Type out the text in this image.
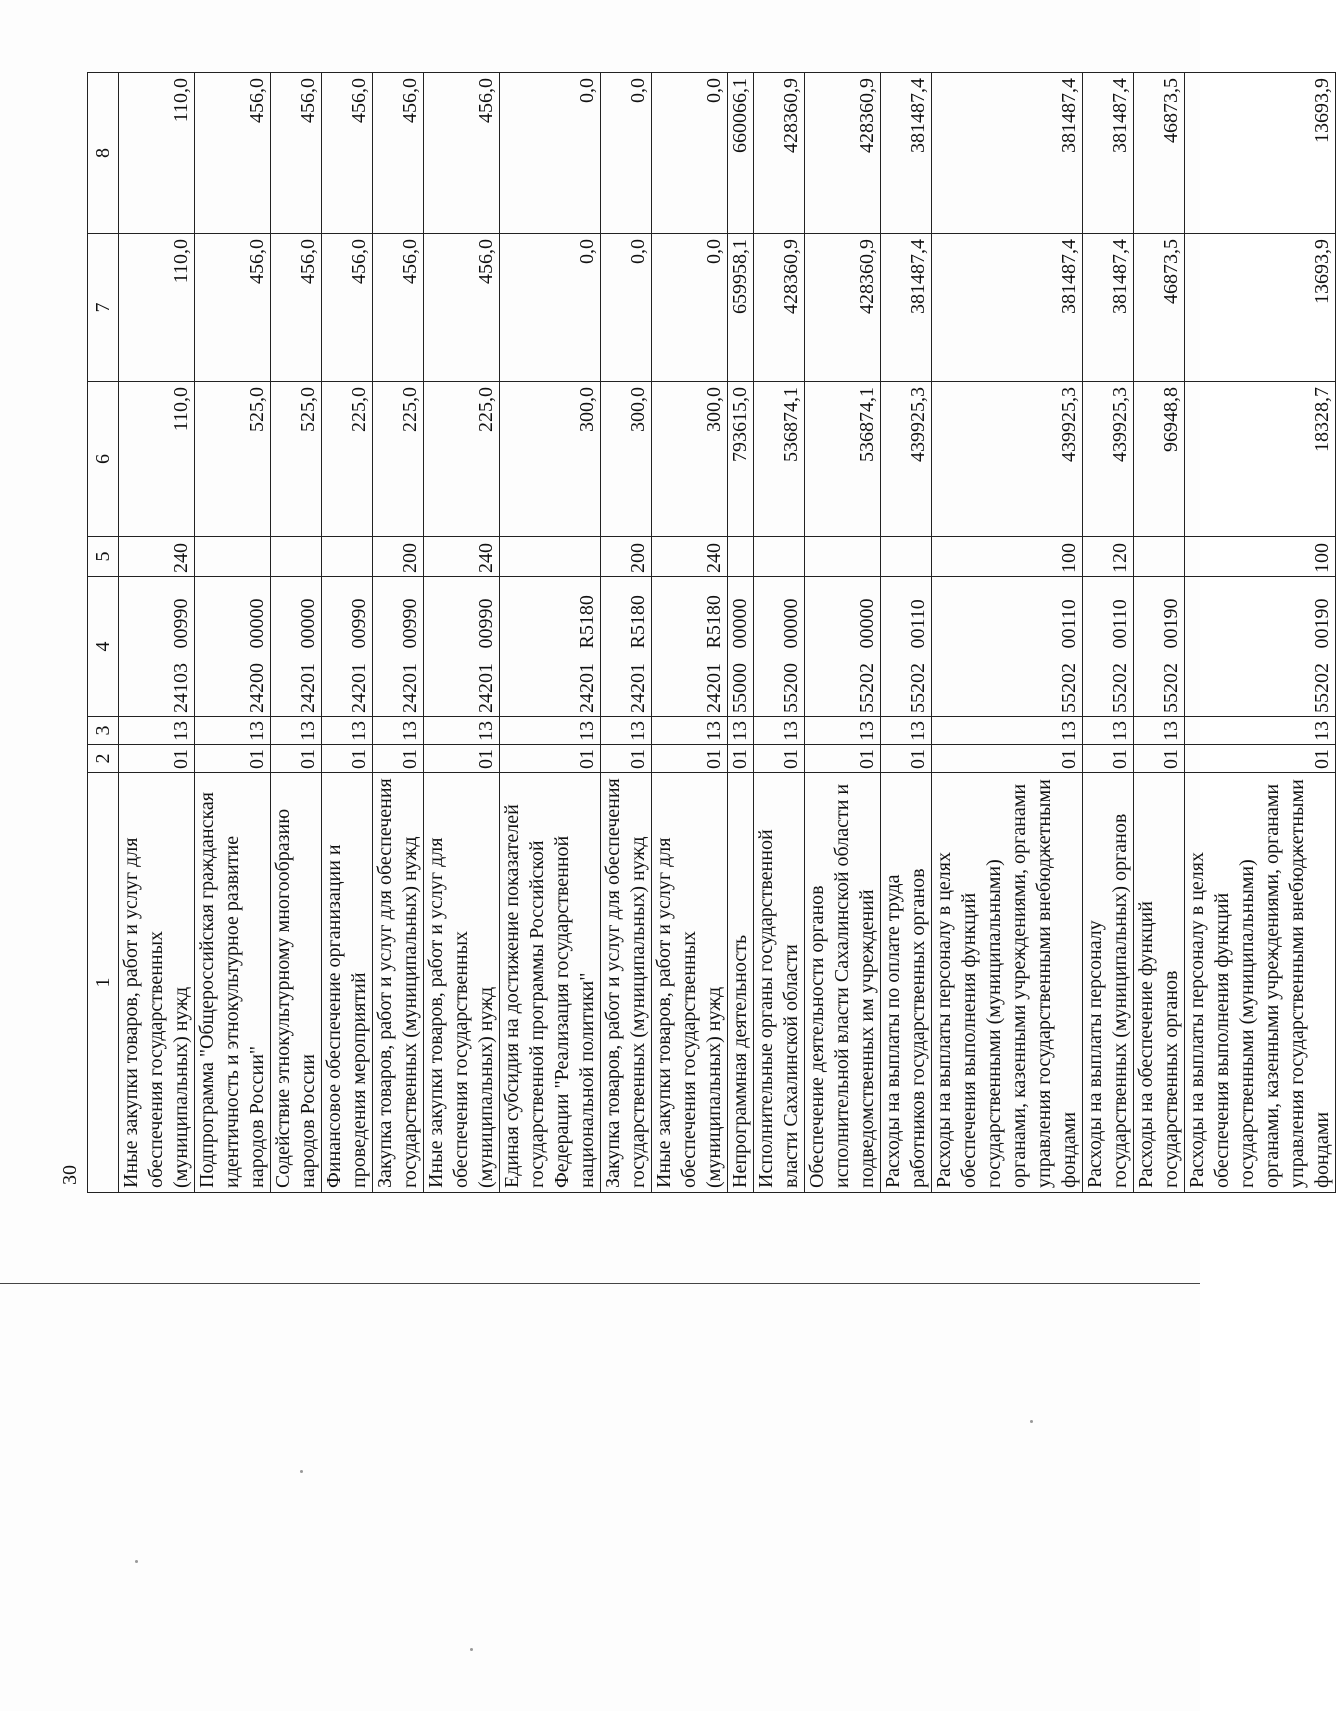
30
1	2	3	4		5	6	7	8
Иные закупки товаров, работ и услуг для обеспечения государственных (муниципальных) нужд	01	13	24103	00990	240	110,0	110,0	110,0
Подпрограмма "Общероссийская гражданская идентичность и этнокультурное развитие народов России"	01	13	24200	00000		525,0	456,0	456,0
Содействие этнокультурному многообразию народов России	01	13	24201	00000		525,0	456,0	456,0
Финансовое обеспечение организации и проведения мероприятий	01	13	24201	00990		225,0	456,0	456,0
Закупка товаров, работ и услуг для обеспечения государственных (муниципальных) нужд	01	13	24201	00990	200	225,0	456,0	456,0
Иные закупки товаров, работ и услуг для обеспечения государственных (муниципальных) нужд	01	13	24201	00990	240	225,0	456,0	456,0
Единая субсидия на достижение показателей государственной программы Российской Федерации "Реализация государственной национальной политики"	01	13	24201	R5180		300,0	0,0	0,0
Закупка товаров, работ и услуг для обеспечения государственных (муниципальных) нужд	01	13	24201	R5180	200	300,0	0,0	0,0
Иные закупки товаров, работ и услуг для обеспечения государственных (муниципальных) нужд	01	13	24201	R5180	240	300,0	0,0	0,0
Непрограммная деятельность	01	13	55000	00000		793615,0	659958,1	660066,1
Исполнительные органы государственной власти Сахалинской области	01	13	55200	00000		536874,1	428360,9	428360,9
Обеспечение деятельности органов исполнительной власти Сахалинской области и подведомственных им учреждений	01	13	55202	00000		536874,1	428360,9	428360,9
Расходы на выплаты по оплате труда работников государственных органов	01	13	55202	00110		439925,3	381487,4	381487,4
Расходы на выплаты персоналу в целях обеспечения выполнения функций государственными (муниципальными) органами, казенными учреждениями, органами управления государственными внебюджетными фондами	01	13	55202	00110	100	439925,3	381487,4	381487,4
Расходы на выплаты персоналу государственных (муниципальных) органов	01	13	55202	00110	120	439925,3	381487,4	381487,4
Расходы на обеспечение функций государственных органов	01	13	55202	00190		96948,8	46873,5	46873,5
Расходы на выплаты персоналу в целях обеспечения выполнения функций государственными (муниципальными) органами, казенными учреждениями, органами управления государственными внебюджетными фондами	01	13	55202	00190	100	18328,7	13693,9	13693,9
